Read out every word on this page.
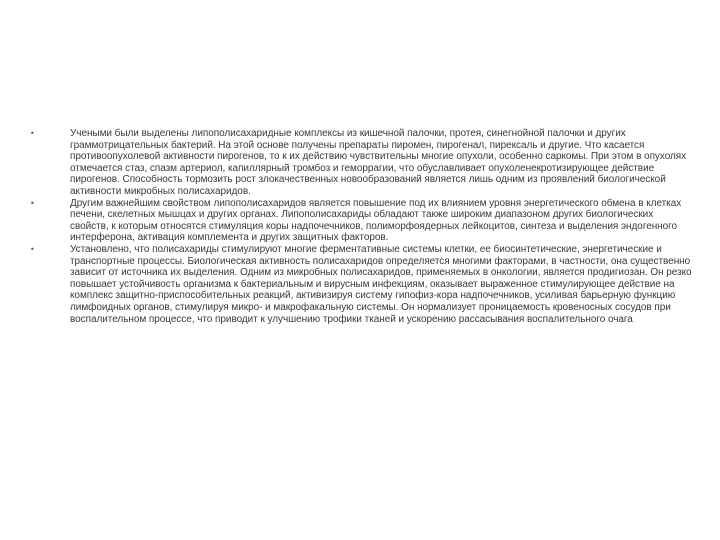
•	Учеными были выделены липополисахаридные комплексы из кишечной палочки, протея, синегнойной палочки и других граммотрицательных бактерий. На этой основе получены препараты пиромен, пирогенал, пирексаль и другие. Что касается противоопухолевой активности пирогенов, то к их действию чувствительны многие опухоли, особенно саркомы. При этом в опухолях отмечается стаз, спазм артериол, капиллярный тромбоз и геморрагии, что обуславливает опухоленекротизирующее действие пирогенов. Способность тормозить рост злокачественных новообразований является лишь одним из проявлений биологической активности микробных полисахаридов.
•	Другим важнейшим свойством липополисахаридов является повышение под их влиянием уровня энергетического обмена в клетках печени, скелетных мышцах и других органах. Липополисахариды обладают также широким диапазоном других биологических свойств, к которым относятся стимуляция коры надпочечников, полиморфоядерных лейкоцитов, синтеза и выделения эндогенного интерферона, активация комплемента и других защитных факторов.
•	Установлено, что полисахариды стимулируют многие ферментативные системы клетки, ее биосинтетические, энергетические и транспортные процессы. Биологическая активность полисахаридов определяется многими факторами, в частности, она существенно зависит от источника их выделения. Одним из микробных полисахаридов, применяемых в онкологии, является продигиозан. Он резко повышает устойчивость организма к бактериальным и вирусным инфекциям, оказывает выраженное стимулирующее действие на комплекс защитно-приспособительных реакций, активизируя систему гипофиз-кора надпочечников, усиливая барьерную функцию лимфоидных органов, стимулируя микро- и макрофакальную системы. Он нормализует проницаемость кровеносных сосудов при воспалительном процессе, что приводит к улучшению трофики тканей и ускорению рассасывания воспалительного очага
